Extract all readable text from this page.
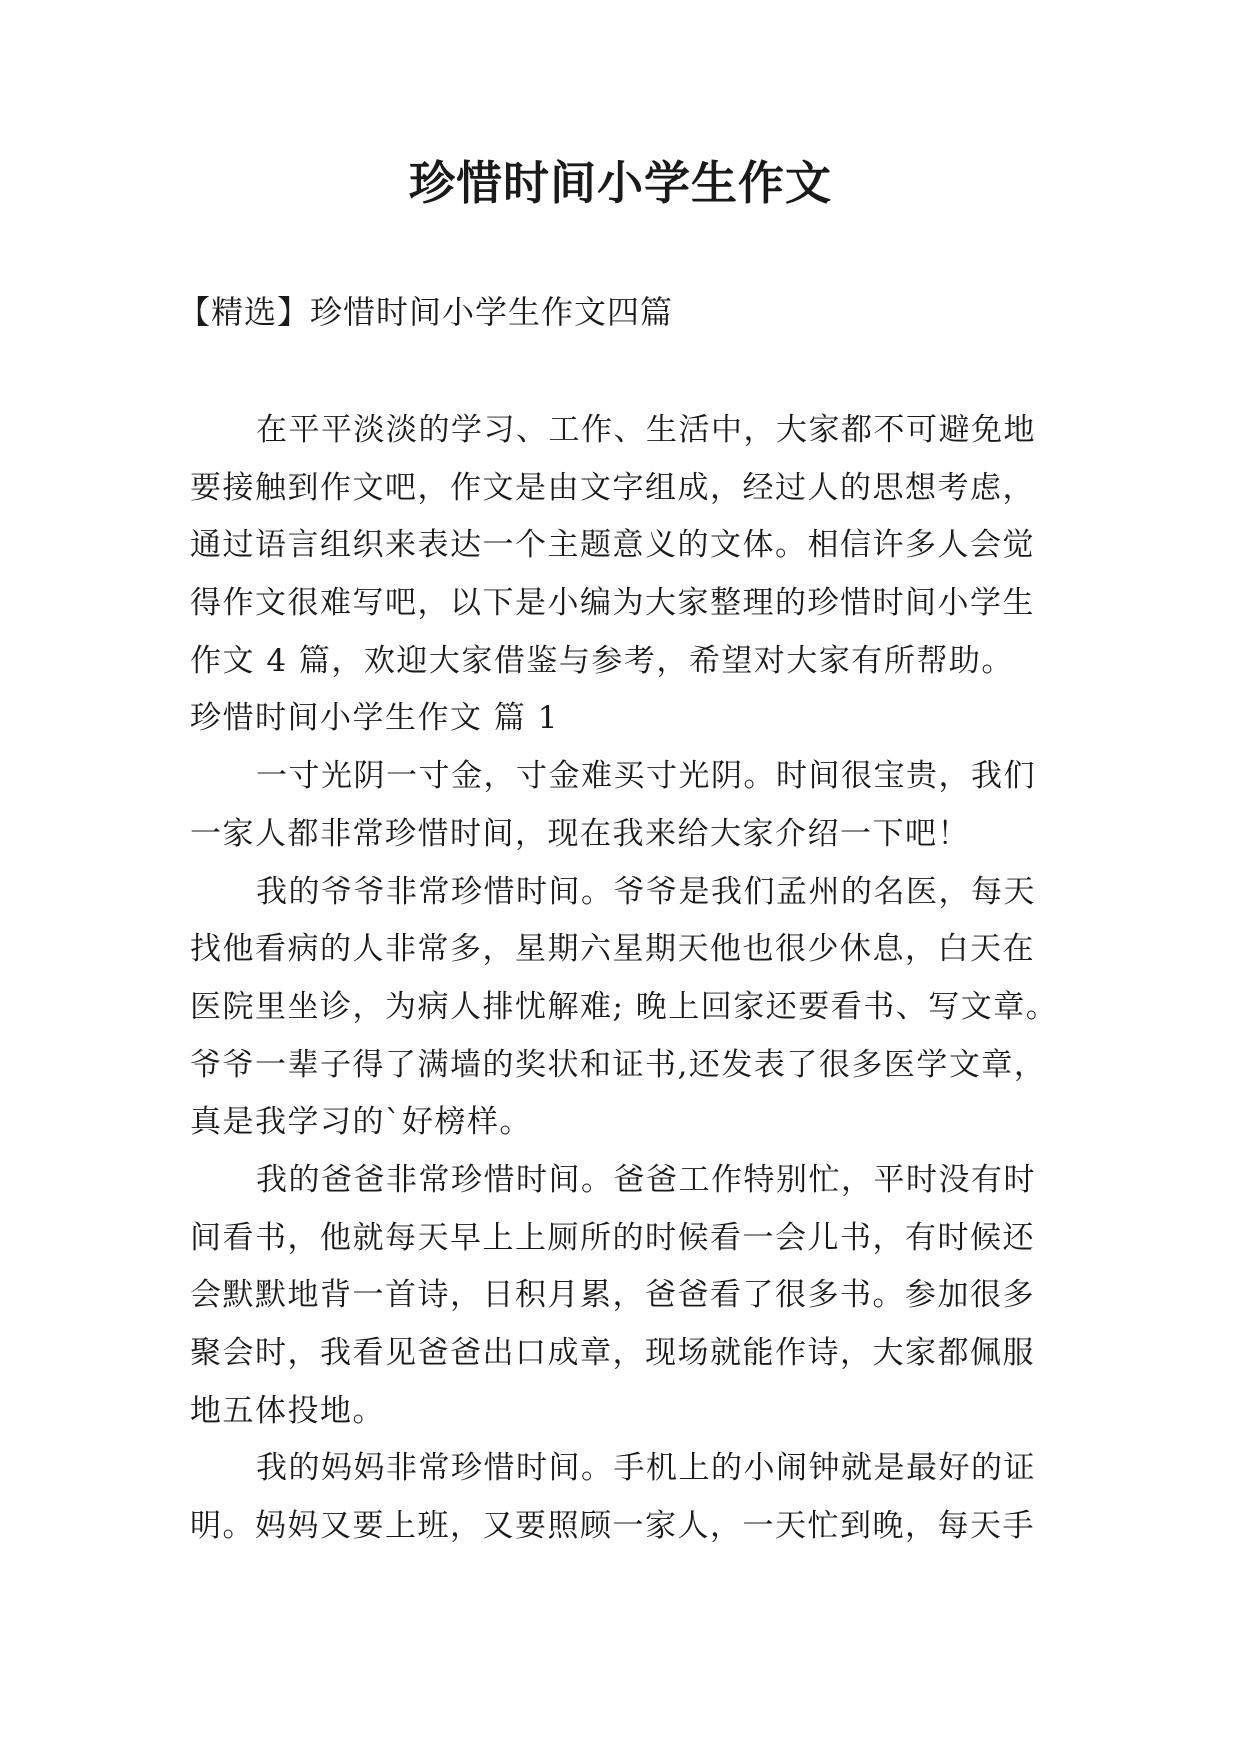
珍惜时间小学生作文
【精选】珍惜时间小学生作文四篇
在平平淡淡的学习、工作、生活中，大家都不可避免地
要接触到作文吧，作文是由文字组成，经过人的思想考虑，
通过语言组织来表达一个主题意义的文体。相信许多人会觉
得作文很难写吧，以下是小编为大家整理的珍惜时间小学生
作文 4 篇，欢迎大家借鉴与参考，希望对大家有所帮助。
珍惜时间小学生作文 篇 1
一寸光阴一寸金，寸金难买寸光阴。时间很宝贵，我们
一家人都非常珍惜时间，现在我来给大家介绍一下吧！
我的爷爷非常珍惜时间。爷爷是我们孟州的名医，每天
找他看病的人非常多，星期六星期天他也很少休息，白天在
医院里坐诊，为病人排忧解难; 晚上回家还要看书、写文章。
爷爷一辈子得了满墙的奖状和证书,还发表了很多医学文章，
真是我学习的`好榜样。
我的爸爸非常珍惜时间。爸爸工作特别忙，平时没有时
间看书，他就每天早上上厕所的时候看一会儿书，有时候还
会默默地背一首诗，日积月累，爸爸看了很多书。参加很多
聚会时，我看见爸爸出口成章，现场就能作诗，大家都佩服
地五体投地。
我的妈妈非常珍惜时间。手机上的小闹钟就是最好的证
明。妈妈又要上班，又要照顾一家人，一天忙到晚，每天手
